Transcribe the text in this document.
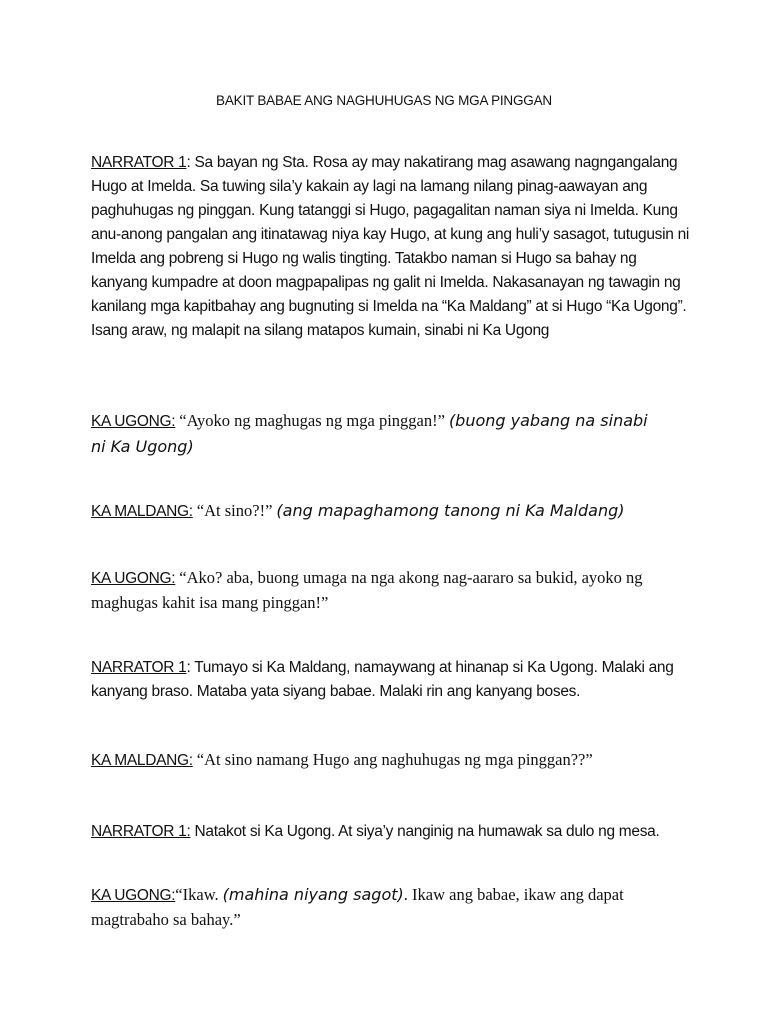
BAKIT BABAE ANG NAGHUHUGAS NG MGA PINGGAN

NARRATOR 1: Sa bayan ng Sta. Rosa ay may nakatirang mag asawang nagngangalang Hugo at Imelda. Sa tuwing sila’y kakain ay lagi na lamang nilang pinag-aawayan ang paghuhugas ng pinggan. Kung tatanggi si Hugo, pagagalitan naman siya ni Imelda. Kung anu-anong pangalan ang itinatawag niya kay Hugo, at kung ang huli’y sasagot, tutugusin ni Imelda ang pobreng si Hugo ng walis tingting. Tatakbo naman si Hugo sa bahay ng kanyang kumpadre at doon magpapalipas ng galit ni Imelda. Nakasanayan ng tawagin ng kanilang mga kapitbahay ang bugnuting si Imelda na “Ka Maldang” at si Hugo “Ka Ugong”. Isang araw, ng malapit na silang matapos kumain, sinabi ni Ka Ugong

KA UGONG: “Ayoko ng maghugas ng mga pinggan!” (buong yabang na sinabi ni Ka Ugong)

KA MALDANG: “At sino?!” (ang mapaghamong tanong ni Ka Maldang)

KA UGONG: “Ako? aba, buong umaga na nga akong nag-aararo sa bukid, ayoko ng maghugas kahit isa mang pinggan!”

NARRATOR 1: Tumayo si Ka Maldang, namaywang at hinanap si Ka Ugong. Malaki ang kanyang braso. Mataba yata siyang babae. Malaki rin ang kanyang boses.

KA MALDANG: “At sino namang Hugo ang naghuhugas ng mga pinggan??”

NARRATOR 1: Natakot si Ka Ugong. At siya’y nanginig na humawak sa dulo ng mesa.

KA UGONG:“Ikaw. (mahina niyang sagot). Ikaw ang babae, ikaw ang dapat magtrabaho sa bahay.”
